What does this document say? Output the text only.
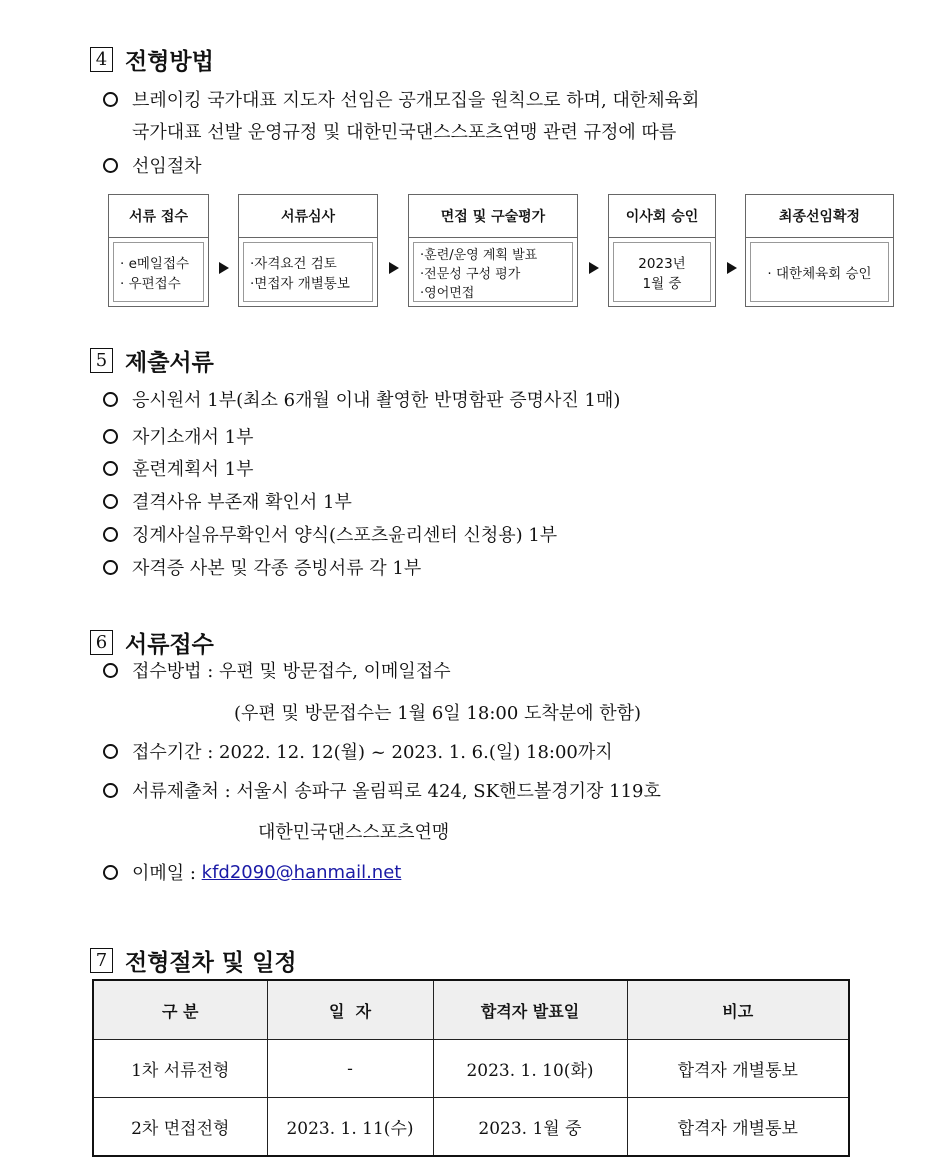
4 전형방법
브레이킹 국가대표 지도자 선임은 공개모집을 원칙으로 하며, 대한체육회
국가대표 선발 운영규정 및 대한민국댄스스포츠연맹 관련 규정에 따름
선임절차
서류 접수
· e메일접수
· 우편접수
서류심사
·자격요건 검토
·면접자 개별통보
면접 및 구술평가
·훈련/운영 계획 발표
·전문성 구성 평가
·영어면접
이사회 승인
2023년
1월 중
최종선임확정
· 대한체육회 승인
5 제출서류
응시원서 1부(최소 6개월 이내 촬영한 반명함판 증명사진 1매)
자기소개서 1부
훈련계획서 1부
결격사유 부존재 확인서 1부
징계사실유무확인서 양식(스포츠윤리센터 신청용) 1부
자격증 사본 및 각종 증빙서류 각 1부
6 서류접수
접수방법 : 우편 및 방문접수, 이메일접수
(우편 및 방문접수는 1월 6일 18:00 도착분에 한함)
접수기간 : 2022. 12. 12(월) ~ 2023. 1. 6.(일) 18:00까지
서류제출처 : 서울시 송파구 올림픽로 424, SK핸드볼경기장 119호
대한민국댄스스포츠연맹
이메일 : kfd2090@hanmail.net
7 전형절차 및 일정
구 분	일  자	합격자 발표일	비고
1차 서류전형	-	2023. 1. 10(화)	합격자 개별통보
2차 면접전형	2023. 1. 11(수)	2023. 1월 중	합격자 개별통보
